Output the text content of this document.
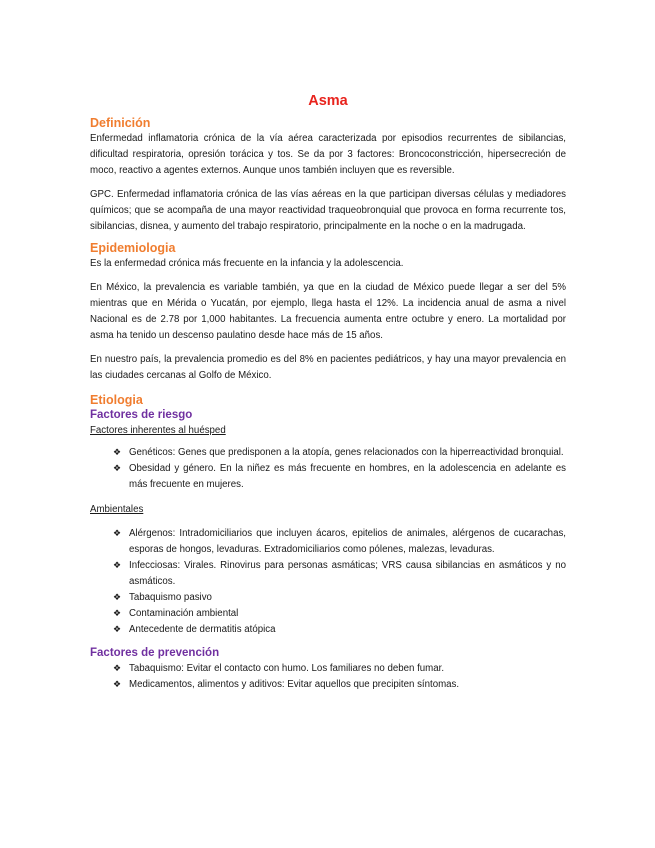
Asma
Definición

Enfermedad inflamatoria crónica de la vía aérea caracterizada por episodios recurrentes de sibilancias, dificultad respiratoria, opresión torácica y tos. Se da por 3 factores: Broncoconstricción, hipersecreción de moco, reactivo a agentes externos. Aunque unos también incluyen que es reversible.

GPC. Enfermedad inflamatoria crónica de las vías aéreas en la que participan diversas células y mediadores químicos; que se acompaña de una mayor reactividad traqueobronquial que provoca en forma recurrente tos, sibilancias, disnea, y aumento del trabajo respiratorio, principalmente en la noche o en la madrugada.

Epidemiologia

Es la enfermedad crónica más frecuente en la infancia y la adolescencia.

En México, la prevalencia es variable también, ya que en la ciudad de México puede llegar a ser del 5% mientras que en Mérida o Yucatán, por ejemplo, llega hasta el 12%. La incidencia anual de asma a nivel Nacional es de 2.78 por 1,000 habitantes. La frecuencia aumenta entre octubre y enero. La mortalidad por asma ha tenido un descenso paulatino desde hace más de 15 años.

En nuestro país, la prevalencia promedio es del 8% en pacientes pediátricos, y hay una mayor prevalencia en las ciudades cercanas al Golfo de México.

Etiologia
Factores de riesgo
Factores inherentes al huésped
❖ Genéticos: Genes que predisponen a la atopía, genes relacionados con la hiperreactividad bronquial.
❖ Obesidad y género. En la niñez es más frecuente en hombres, en la adolescencia en adelante es más frecuente en mujeres.
Ambientales
❖ Alérgenos: Intradomiciliarios que incluyen ácaros, epitelios de animales, alérgenos de cucarachas, esporas de hongos, levaduras. Extradomiciliarios como pólenes, malezas, levaduras.
❖ Infecciosas: Virales. Rinovirus para personas asmáticas; VRS causa sibilancias en asmáticos y no asmáticos.
❖ Tabaquismo pasivo
❖ Contaminación ambiental
❖ Antecedente de dermatitis atópica
Factores de prevención
❖ Tabaquismo: Evitar el contacto con humo. Los familiares no deben fumar.
❖ Medicamentos, alimentos y aditivos: Evitar aquellos que precipiten síntomas.
